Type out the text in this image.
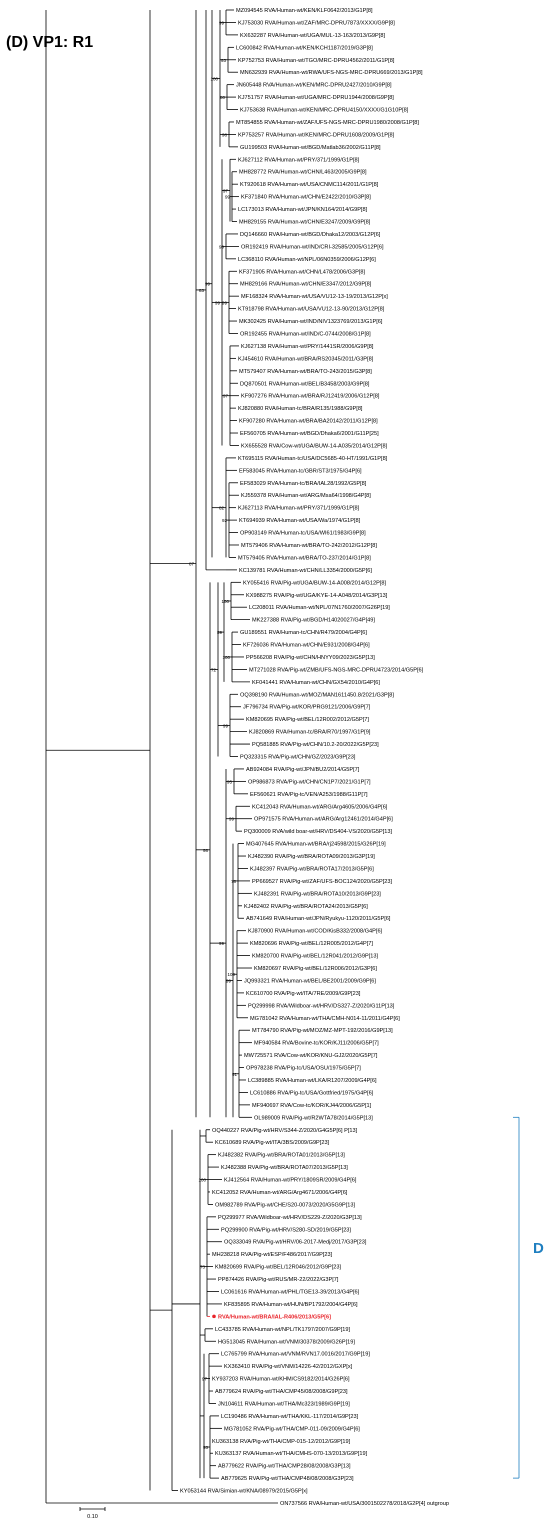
(D) VP1: R1
99
93
80
98
100
97
99
99
99
97
99
82
92
99
83
100
100
89
99
72
95
99
78
100
91
99
99
98
87
100
73
97
93
MZ094545 RVA/Human-wt/KEN/KLF0642/2013/G1P[8]
KJ753030 RVA/Human-wt/ZAF/MRC-DPRU7873/XXXX/G9P[8]
KX632287 RVA/Human-wt/UGA/MUL-13-163/2013/G9P[8]
LC600842 RVA/Human-wt/KEN/KCH1187/2019/G3P[8]
KP752753 RVA/Human-wt/TGO/MRC-DPRU4562/2011/G1P[8]
MN632939 RVA/Human-wt/RWA/UFS-NGS-MRC-DPRU669/2013/G1P[8]
JN605448 RVA/Human-wt/KEN/MRC-DPRU2427/2010/G9P[8]
KJ751757 RVA/Human-wt/UGA/MRC-DPRU1944/2008/G9P[8]
KJ753638 RVA/Human-wt/KEN/MRC-DPRU4150/XXXX/G1G10P[8]
MT854855 RVA/Human-wt/ZAF/UFS-NGS-MRC-DPRU1980/2008/G1P[8]
KP753257 RVA/Human-wt/KEN/MRC-DPRU1608/2009/G1P[8]
GU199503 RVA/Human-wt/BGD/Matlab36/2002/G11P[8]
KJ627112 RVA/Human-wt/PRY/371/1999/G1P[8]
MH828772 RVA/Human-wt/CHN/L463/2005/G9P[8]
KT920618 RVA/Human-wt/USA/CNMC114/2011/G1P[8]
KF371840 RVA/Human-wt/CHN/E2422/2010/G3P[8]
LC173013 RVA/Human-wt/JPN/KN164/2014/G9P[8]
MH829155 RVA/Human-wt/CHN/E3247/2009/G9P[8]
DQ146660 RVA/Human-wt/BGD/Dhaka12/2003/G12P[6]
OR192419 RVA/Human-wt/IND/CRI-32585/2005/G12P[6]
LC368110 RVA/Human-wt/NPL/06N0359/2006/G12P[6]
KF371905 RVA/Human-wt/CHN/L478/2006/G3P[8]
MH829166 RVA/Human-wt/CHN/E3347/2012/G9P[8]
MF168324 RVA/Human-wt/USA/VU12-13-19/2013/G12P[x]
KT918798 RVA/Human-wt/USA/VU12-13-90/2013/G12P[8]
MK302425 RVA/Human-wt/IND/NIV1323769/2013/G1P[6]
OR192455 RVA/Human-wt/IND/C-0744/2008/G1P[8]
KJ627138 RVA/Human-wt/PRY/1441SR/2006/G9P[8]
KJ454610 RVA/Human-wt/BRA/RS20345/2011/G3P[8]
MT579407 RVA/Human-wt/BRA/TO-243/2015/G3P[8]
DQ870501 RVA/Human-wt/BEL/B3458/2003/G9P[8]
KF907276 RVA/Human-wt/BRA/RJ12419/2006/G12P[8]
KJ820880 RVA/Human-tc/BRA/R135/1988/G9P[8]
KF907280 RVA/Human-wt/BRA/BA20142/2011/G12P[8]
EF560705 RVA/Human-wt/BGD/Dhaka6/2001/G11P[25]
KX655528 RVA/Cow-wt/UGA/BUW-14-A035/2014/G12P[8]
KT695115 RVA/Human-tc/USA/DC5685-40-HT/1991/G1P[8]
EF583045 RVA/Human-tc/GBR/ST3/1975/G4P[6]
EF583029 RVA/Human-tc/BRA/IAL28/1992/G5P[8]
KJ559378 RVA/Human-wt/ARG/Msa64/1998/G4P[8]
KJ627113 RVA/Human-wt/PRY/371/1999/G1P[8]
KT694939 RVA/Human-wt/USA/Wa/1974/G1P[8]
OP903149 RVA/Human-tc/USA/WI61/1983/G9P[8]
MT579406 RVA/Human-wt/BRA/TO-242/2012/G12P[8]
MT579405 RVA/Human-wt/BRA/TO-237/2014/G1P[8]
KC139781 RVA/Human-wt/CHN/LL3354/2000/G5P[6]
KY055416 RVA/Pig-wt/UGA/BUW-14-A008/2014/G12P[8]
KX988275 RVA/Pig-wt/UGA/KYE-14-A048/2014/G3P[13]
LC208011 RVA/Human-wt/NPL/07N1760/2007/G26P[19]
MK227388 RVA/Pig-wt/BGD/H14020027/G4P[49]
GU189551 RVA/Human-tc/CHN/R479/2004/G4P[6]
KF726036 RVA/Human-wt/CHN/E931/2008/G4P[6]
PP566208 RVA/Pig-wt/CHN/HNYY09/2023/G5P[13]
MT271028 RVA/Pig-wt/ZMB/UFS-NGS-MRC-DPRU4723/2014/G5P[6]
KF041441 RVA/Human-wt/CHN/GX54/2010/G4P[6]
OQ398190 RVA/Human-wt/MOZ/MAN1611450.8/2021/G3P[8]
JF796734 RVA/Pig-wt/KOR/PRG9121/2006/G9P[7]
KM820695 RVA/Pig-wt/BEL/12R002/2012/G5P[7]
KJ820869 RVA/Human-tc/BRA/R70/1997/G1P[9]
PQ581885 RVA/Pig-wt/CHN/10.2-20/2022/G5P[23]
PQ323315 RVA/Pig-wt/CHN/GZ/2023/G9P[23]
AB924084 RVA/Pig-wt/JPN/BU2/2014/G5P[7]
OP986873 RVA/Pig-wt/CHN/CN1P7/2021/G1P[7]
EF560621 RVA/Pig-tc/VEN/A253/1988/G11P[7]
KC412043 RVA/Human-wt/ARG/Arg4605/2006/G4P[6]
OP971575 RVA/Human-wt/ARG/Arg12461/2014/G4P[6]
PQ300009 RVA/wild boar-wt/HRV/DS404-VS/2020/G5P[13]
MG407645 RVA/Human-wt/BRA/rj24598/2015/G26P[19]
KJ482390 RVA/Pig-wt/BRA/ROTA09/2013/G3P[19]
KJ482397 RVA/Pig-wt/BRA/ROTA17/2013/G5P[6]
PP669527 RVA/Pig-wt/ZAF/UFS-BOC124/2020/G5P[23]
KJ482391 RVA/Pig-wt/BRA/ROTA10/2013/G9P[23]
KJ482402 RVA/Pig-wt/BRA/ROTA24/2013/G5P[6]
AB741649 RVA/Human-wt/JPN/Ryukyu-1120/2011/G5P[6]
KJ870900 RVA/Human-wt/COD/KisB332/2008/G4P[6]
KM820696 RVA/Pig-wt/BEL/12R005/2012/G4P[7]
KM820700 RVA/Pig-wt/BEL/12R041/2012/G9P[13]
KM820697 RVA/Pig-wt/BEL/12R006/2012/G3P[6]
JQ993321 RVA/Human-wt/BEL/BE2001/2009/G9P[6]
KC610700 RVA/Pig-wt/ITA/7RE/2009/G9P[23]
PQ299998 RVA/Wildboar-wt/HRV/DS327-Z/2020/G11P[13]
MG781042 RVA/Human-wt/THA/CMH-N014-11/2011/G4P[6]
MT784790 RVA/Pig-wt/MOZ/MZ-MPT-192/2016/G9P[13]
MF940584 RVA/Bovine-tc/KOR/KJ11/2006/G5P[7]
MW725571 RVA/Cow-wt/KOR/KNU-GJ2/2020/G5P[7]
OP978238 RVA/Pig-tc/USA/OSU/1975/G5P[7]
LC389885 RVA/Human-wt/LKA/R1207/2009/G4P[6]
LC610886 RVA/Pig-tc/USA/Gottfried/1975/G4P[6]
MF940697 RVA/Cow-tc/KOR/KJ44/2006/G5P[1]
OL989009 RVA/Pig-wt/R2WTA78/2014/G5P[13]
OQ440227 RVA/Pig-wt/HRV/S344-Z/2020/G4G5P[6] P[13]
KC610689 RVA/Pig-wt/ITA/3BS/2009/G9P[23]
KJ482382 RVA/Pig-wt/BRA/ROTA01/2013/G5P[13]
KJ482388 RVA/Pig-wt/BRA/ROTA07/2013/G5P[13]
KJ412564 RVA/Human-wt/PRY/1809SR/2009/G4P[6]
KC412052 RVA/Human-wt/ARG/Arg4671/2006/G4P[6]
OM982789 RVA/Pig-wt/CHE/S20-0073/2020/G5G9P[13]
PQ299977 RVA/Wildboar-wt/HRV/DS229-Z/2020/G3P[13]
PQ299900 RVA/Pig-wt/HRV/S280-SD/2019/G5P[23]
OQ333049 RVA/Pig-wt/HRV/06-2017-Medj/2017/G3P[23]
MH238218 RVA/Pig-wt/ESP/F486/2017/G9P[23]
KM820699 RVA/Pig-wt/BEL/12R046/2012/G9P[23]
PP874426 RVA/Pig-wt/RUS/MR-22/2022/G3P[7]
LC061616 RVA/Human-wt/PHL/TGE13-39/2013/G4P[6]
KF835895 RVA/Human-wt/HUN/BP1792/2004/G4P[6]
RVA/Human-wt/BRA/IAL-R406/2013/G5P[6]
LC433785 RVA/Human-wt/NPL/TK1797/2007/G9P[19]
HG513045 RVA/Human-wt/VNM/30378/2009/G26P[19]
LC765799 RVA/Human-wt/VNM/RVN17.0016/2017/G9P[19]
KX363410 RVA/Pig-wt/VNM/14226-42/2012/GXP[x]
KY937203 RVA/Human-wt/KHM/CS9182/2014/G26P[6]
AB779624 RVA/Pig-wt/THA/CMP45/08/2008/G9P[23]
JN104611 RVA/Human-wt/THA/Mc323/1989/G9P[19]
LC190486 RVA/Human-wt/THA/KKL-117/2014/G9P[23]
MG781052 RVA/Pig-wt/THA/CMP-011-09/2009/G4P[6]
KU363138 RVA/Pig-wt/THA/CMP-015-12/2012/G9P[19]
KU363137 RVA/Human-wt/THA/CMHS-070-13/2013/G9P[19]
AB779622 RVA/Pig-wt/THA/CMP28/08/2008/G3P[13]
AB779625 RVA/Pig-wt/THA/CMP48/08/2008/G3P[23]
KY053144 RVA/Simian-wt/KNA/08979/2015/G5P[x]
ON737566 RVA/Human-wt/USA/3001502278/2018/G2P[4] outgroup
0.10
D
